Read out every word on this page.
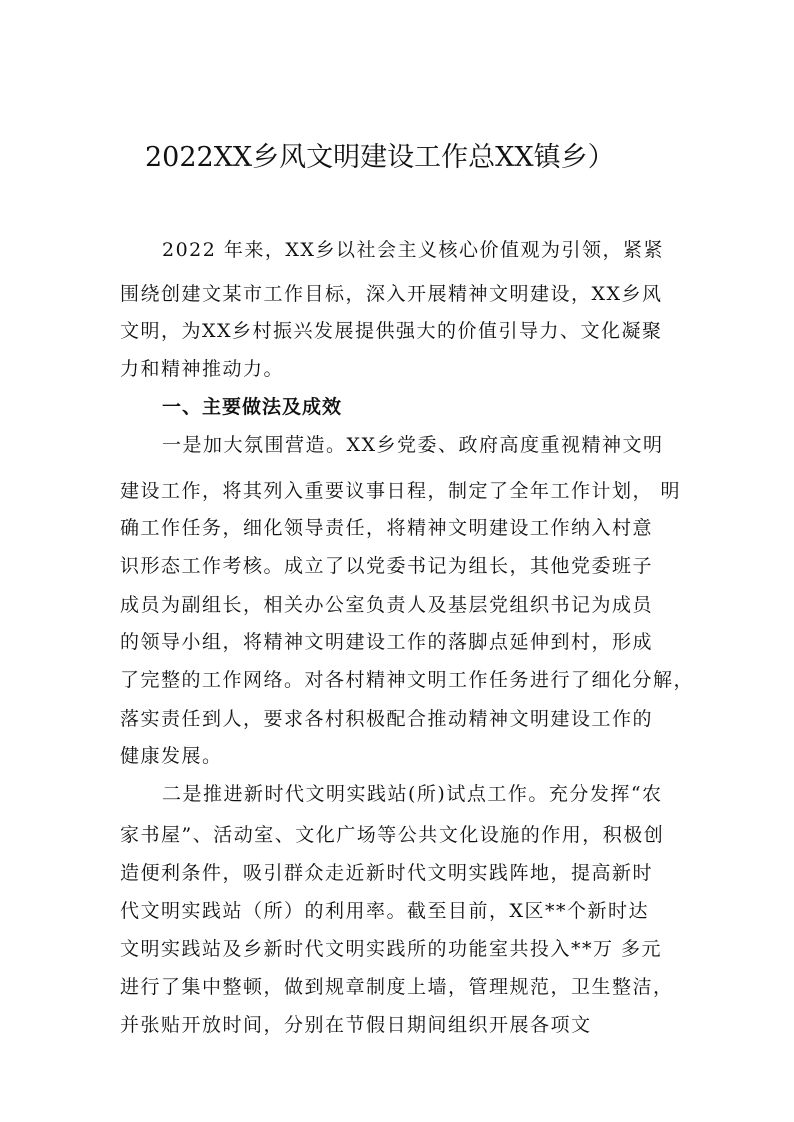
2022XX乡风文明建设工作总XX镇乡）
2022 年来，XX乡以社会主义核心价值观为引领，紧紧
围绕创建文某市工作目标，深入开展精神文明建设，XX乡风
文明，为XX乡村振兴发展提供强大的价值引导力、文化凝聚
力和精神推动力。
一、主要做法及成效
一是加大氛围营造。XX乡党委、政府高度重视精神文明
建设工作，将其列入重要议事日程，制定了全年工作计划， 明
确工作任务，细化领导责任，将精神文明建设工作纳入村意
识形态工作考核。成立了以党委书记为组长，其他党委班子
成员为副组长，相关办公室负责人及基层党组织书记为成员
的领导小组，将精神文明建设工作的落脚点延伸到村，形成
了完整的工作网络。对各村精神文明工作任务进行了细化分解，
落实责任到人，要求各村积极配合推动精神文明建设工作的
健康发展。
二是推进新时代文明实践站(所)试点工作。充分发挥“农
家书屋”、活动室、文化广场等公共文化设施的作用，积极创
造便利条件，吸引群众走近新时代文明实践阵地，提高新时
代文明实践站（所）的利用率。截至目前，X区**个新时达
文明实践站及乡新时代文明实践所的功能室共投入**万 多元
进行了集中整顿，做到规章制度上墙，管理规范，卫生整洁，
并张贴开放时间，分别在节假日期间组织开展各项文
